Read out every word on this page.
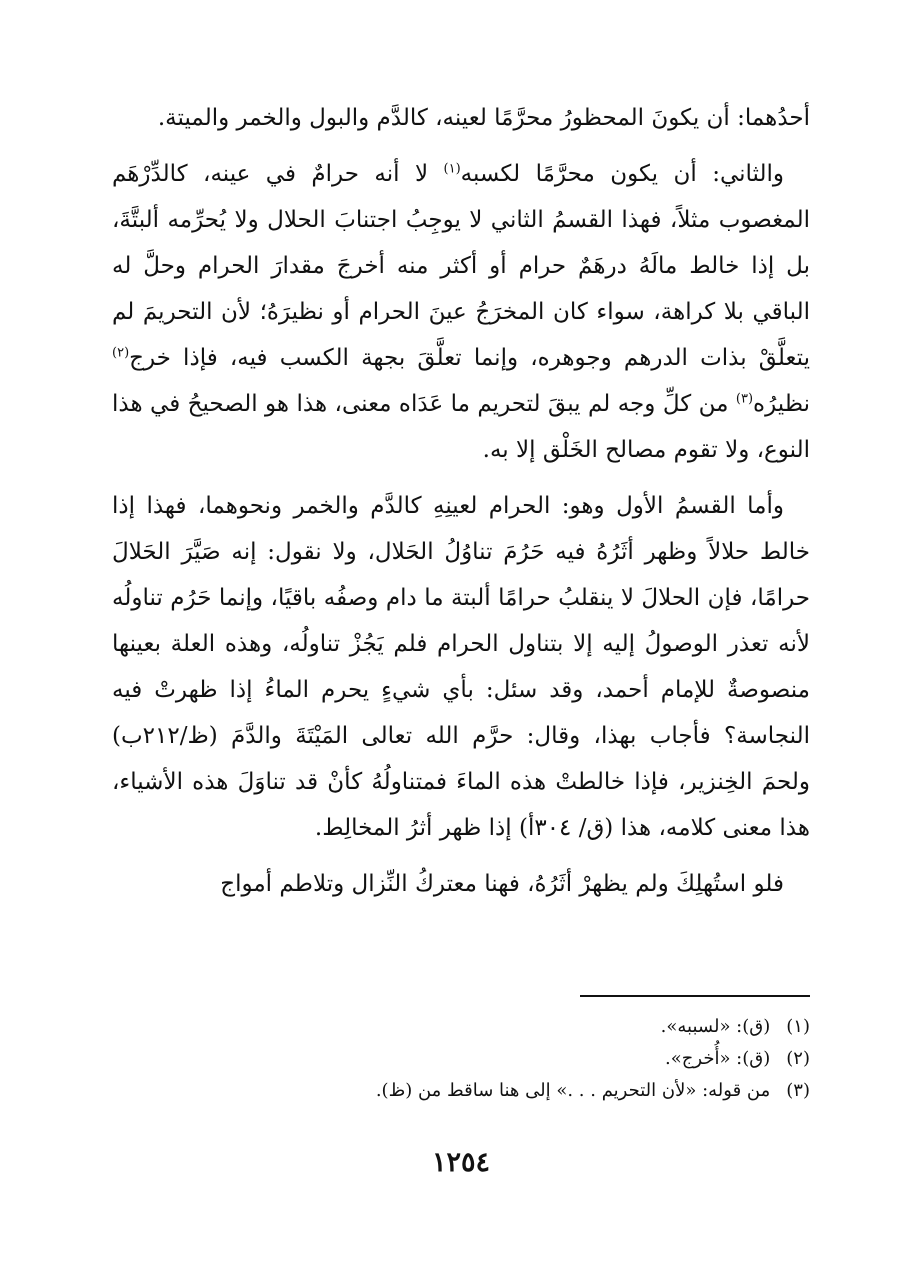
أحدُهما: أن يكونَ المحظورُ محرَّمًا لعينه، كالدَّم والبول والخمر والميتة.

والثاني: أن يكون محرَّمًا لكسبه$^{(١)}$ لا أنه حرامٌ في عينه، كالدِّرْهَم المغصوب مثلاً، فهذا القسمُ الثاني لا يوجِبُ اجتنابَ الحلال ولا يُحرِّمه ألبتَّةَ، بل إذا خالط مالَهُ درهَمٌ حرام أو أكثر منه أخرجَ مقدارَ الحرام وحلَّ له الباقي بلا كراهة، سواء كان المخرَجُ عينَ الحرام أو نظيرَهُ؛ لأن التحريمَ لم يتعلَّقْ بذات الدرهم وجوهره، وإنما تعلَّقَ بجهة الكسب فيه، فإذا خرج$^{(٢)}$ نظيرُه$^{(٣)}$ من كلِّ وجه لم يبقَ لتحريم ما عَدَاه معنى، هذا هو الصحيحُ في هذا النوع، ولا تقوم مصالح الخَلْق إلا به.

وأما القسمُ الأول وهو: الحرام لعينِهِ كالدَّم والخمر ونحوهما، فهذا إذا خالط حلالاً وظهر أثَرُهُ فيه حَرُمَ تناوُلُ الحَلال، ولا نقول: إنه صَيَّرَ الحَلالَ حرامًا، فإن الحلالَ لا ينقلبُ حرامًا ألبتة ما دام وصفُه باقيًا، وإنما حَرُم تناولُه لأنه تعذر الوصولُ إليه إلا بتناول الحرام فلم يَجُزْ تناولُه، وهذه العلة بعينها منصوصةٌ للإمام أحمد، وقد سئل: بأي شيءٍ يحرم الماءُ إذا ظهرتْ فيه النجاسة؟ فأجاب بهذا، وقال: حرَّم الله تعالى المَيْتَةَ والدَّمَ (ظ/٢١٢ب) ولحمَ الخِنزير، فإذا خالطتْ هذه الماءَ فمتناولُهُ كأنْ قد تناوَلَ هذه الأشياء، هذا معنى كلامه، هذا (ق/ ٣٠٤أ) إذا ظهر أثرُ المخالِط.

فلو استُهلِكَ ولم يظهرْ أثَرُهُ، فهنا معتركُ النِّزال وتلاطم أمواج

(١) (ق): «لسببه».

(٢) (ق): «أُخرج».

(٣) من قوله: «لأن التحريم . . .» إلى هنا ساقط من (ظ).

١٢٥٤
